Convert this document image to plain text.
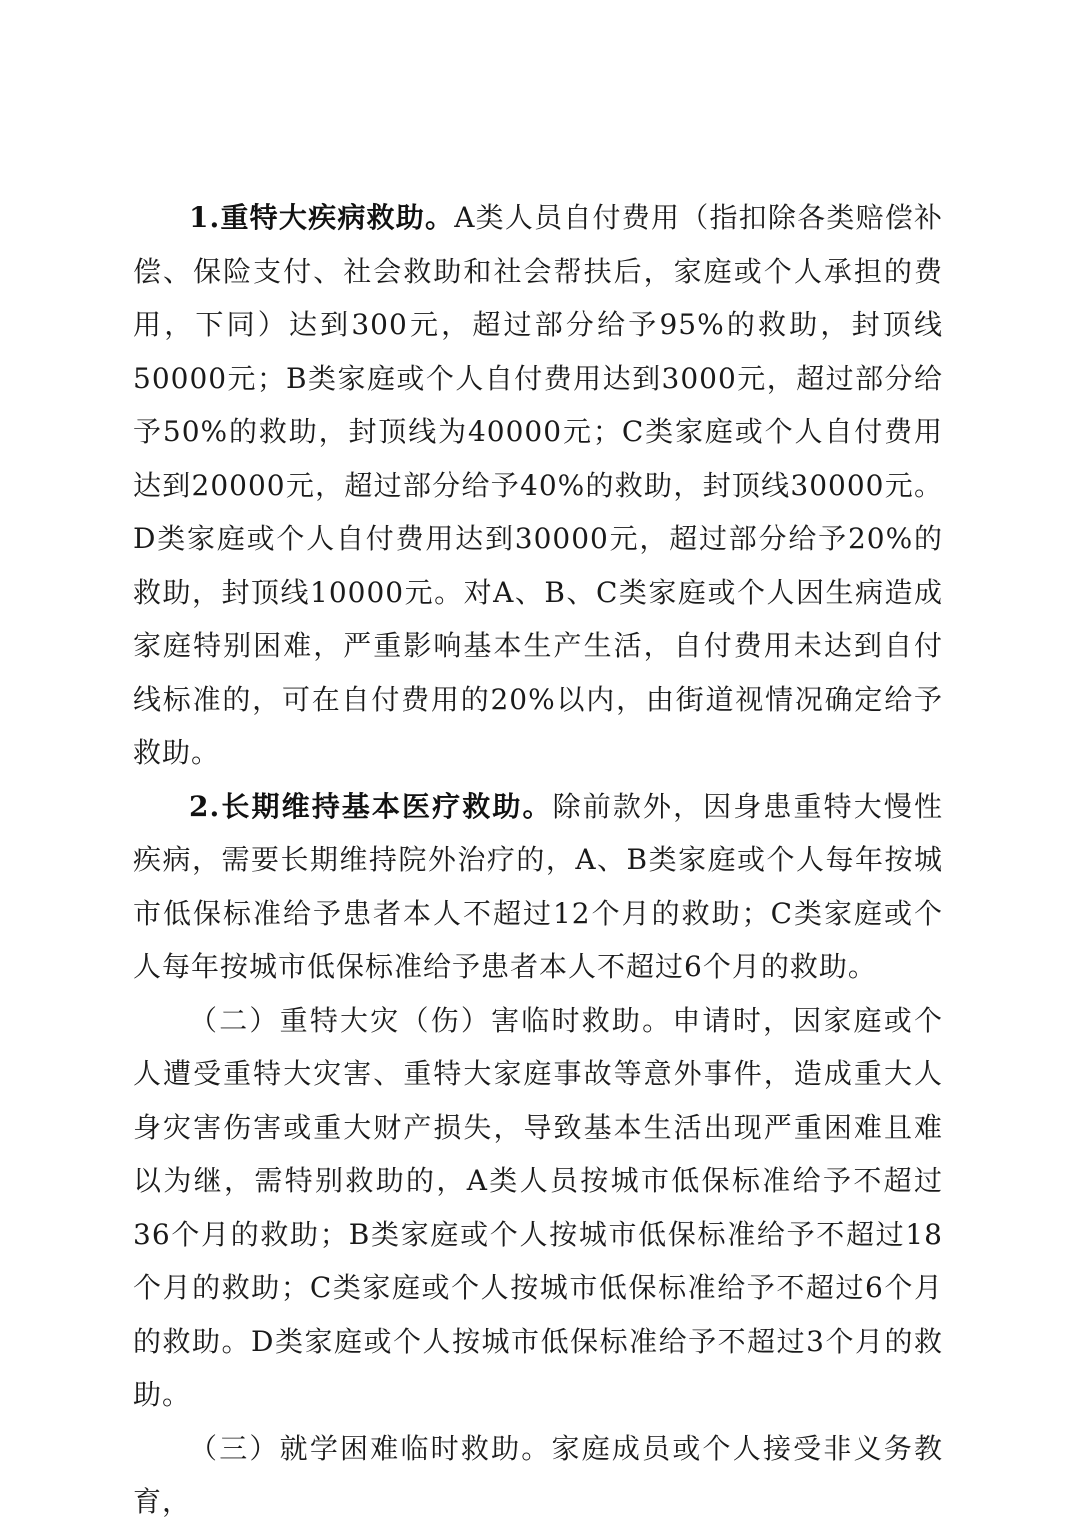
1.重特大疾病救助。A类人员自付费用（指扣除各类赔偿补偿、保险支付、社会救助和社会帮扶后，家庭或个人承担的费用，下同）达到300元，超过部分给予95%的救助，封顶线50000元；B类家庭或个人自付费用达到3000元，超过部分给予50%的救助，封顶线为40000元；C类家庭或个人自付费用达到20000元，超过部分给予40%的救助，封顶线30000元。D类家庭或个人自付费用达到30000元，超过部分给予20%的救助，封顶线10000元。对A、B、C类家庭或个人因生病造成家庭特别困难，严重影响基本生产生活，自付费用未达到自付线标准的，可在自付费用的20%以内，由街道视情况确定给予救助。

2.长期维持基本医疗救助。除前款外，因身患重特大慢性疾病，需要长期维持院外治疗的，A、B类家庭或个人每年按城市低保标准给予患者本人不超过12个月的救助；C类家庭或个人每年按城市低保标准给予患者本人不超过6个月的救助。

（二）重特大灾（伤）害临时救助。申请时，因家庭或个人遭受重特大灾害、重特大家庭事故等意外事件，造成重大人身灾害伤害或重大财产损失，导致基本生活出现严重困难且难以为继，需特别救助的，A类人员按城市低保标准给予不超过36个月的救助；B类家庭或个人按城市低保标准给予不超过18个月的救助；C类家庭或个人按城市低保标准给予不超过6个月的救助。D类家庭或个人按城市低保标准给予不超过3个月的救助。

（三）就学困难临时救助。家庭成员或个人接受非义务教育，
